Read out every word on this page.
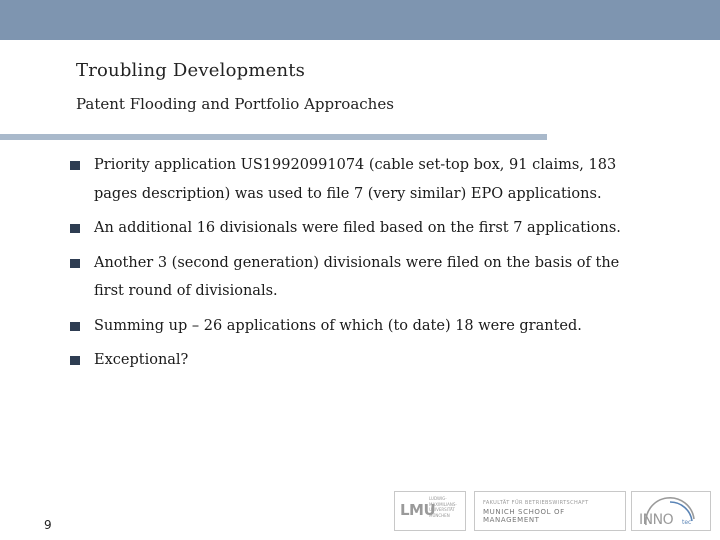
Troubling Developments
Patent Flooding and Portfolio Approaches
Priority application US19920991074 (cable set-top box, 91 claims, 183 pages description) was used to file 7 (very similar) EPO applications.
An additional 16 divisionals were filed based on the first 7 applications.
Another 3 (second generation) divisionals were filed on the basis of the first round of divisionals.
Summing up – 26 applications of which (to date) 18 were granted.
Exceptional?
9
LMU
LUDWIG- MAXIMILIANS- UNIVERSITÄT MÜNCHEN
FAKULTÄT FÜR BETRIEBSWIRTSCHAFT
MUNICH SCHOOL OF
MANAGEMENT	INNO tec
